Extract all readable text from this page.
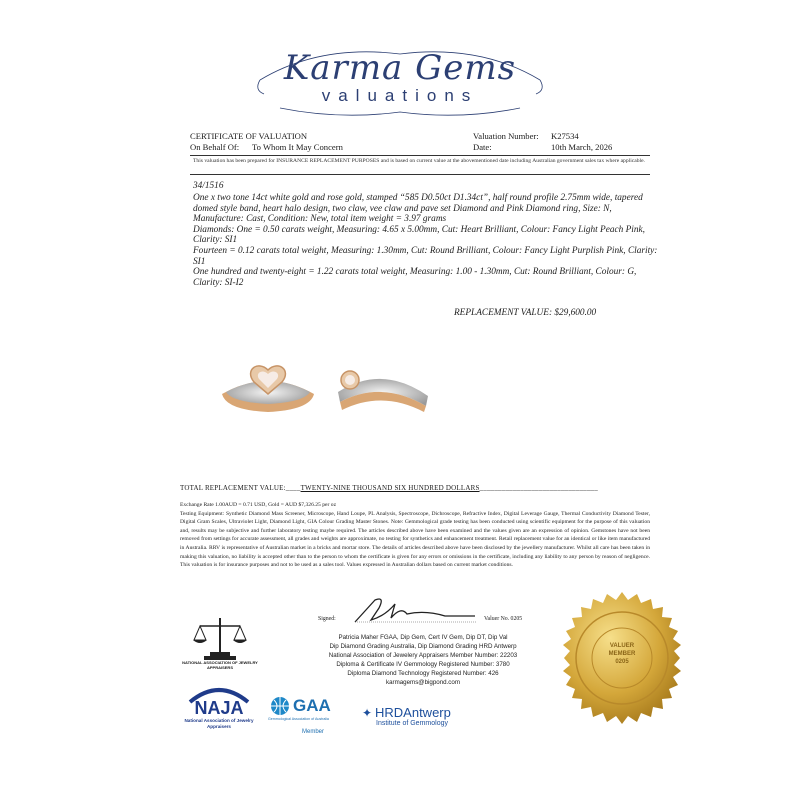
Karma Gems
valuations
CERTIFICATE OF VALUATION
On Behalf Of: To Whom It May Concern
Valuation Number: K27534
Date:	10th March, 2026
This valuation has been prepared for INSURANCE REPLACEMENT PURPOSES and is based on current value at the abovementioned date including Australian government sales tax where applicable.
34/1516

One x two tone 14ct white gold and rose gold, stamped “585 D0.50ct D1.34ct”, half round profile 2.75mm wide, tapered domed style band, heart halo design, two claw, vee claw and pave set Diamond and Pink Diamond ring, Size: N, Manufacture: Cast, Condition: New, total item weight = 3.97 grams

Diamonds: One = 0.50 carats weight, Measuring: 4.65 x 5.00mm, Cut: Heart Brilliant, Colour: Fancy Light Peach Pink, Clarity: SI1

Fourteen = 0.12 carats total weight, Measuring: 1.30mm, Cut: Round Brilliant, Colour: Fancy Light Purplish Pink, Clarity: SI1

One hundred and twenty-eight = 1.22 carats total weight, Measuring: 1.00 - 1.30mm, Cut: Round Brilliant, Colour: G, Clarity: SI-I2

REPLACEMENT VALUE: $29,600.00
TOTAL REPLACEMENT VALUE:____TWENTY-NINE THOUSAND SIX HUNDRED DOLLARS________________________________

Exchange Rate 1.00AUD = 0.71 USD, Gold = AUD $7,326.25 per oz

Testing Equipment: Synthetic Diamond Mass Screener, Microscope, Hand Loupe, PL Analysis, Spectroscope, Dichroscope, Refractive Index, Digital Leverage Gauge, Thermal Conductivity Diamond Tester, Digital Gram Scales, Ultraviolet Light, Diamond Light, GIA Colour Grading Master Stones. Note: Gemmological grade testing has been conducted using scientific equipment for the purpose of this valuation and, results may be subjective and further laboratory testing maybe required. The articles described above have been examined and the values given are an expression of opinion. Gemstones have not been removed from settings for accurate assessment, all grades and weights are approximate, no testing for synthetics and enhancement treatment. Retail replacement value for an identical or like item manufactured in Australia. RRV is representative of Australian market in a bricks and mortar store. The details of articles described above have been disclosed by the jewellery manufacturer. Whilst all care has been taken in making this valuation, no liability is accepted other than to the person to whom the certificate is given for any errors or omissions in the certificate, including any liability to any person by reason of negligence. This valuation is for insurance purposes and not to be used as a sales tool. Values expressed in Australian dollars based on current market conditions.

Signed:	Valuer No. 0205
Patricia Maher FGAA, Dip Gem, Cert IV Gem, Dip DT, Dip Val
Dip Diamond Grading Australia, Dip Diamond Grading HRD Antwerp
National Association of Jewelery Appraisers Member Number: 22203
Diploma & Certificate IV Gemmology Registered Number: 3780
Diploma Diamond Technology Registered Number: 426
karmagems@bigpond.com
NATIONAL ASSOCIATION OF JEWELRY APPRAISERS
NAJA
National Association of Jewelry Appraisers
GAA
Gemmological Association of Australia
Member
✦ HRDAntwerp
Institute of Gemmology
VALUER
MEMBER
0205
